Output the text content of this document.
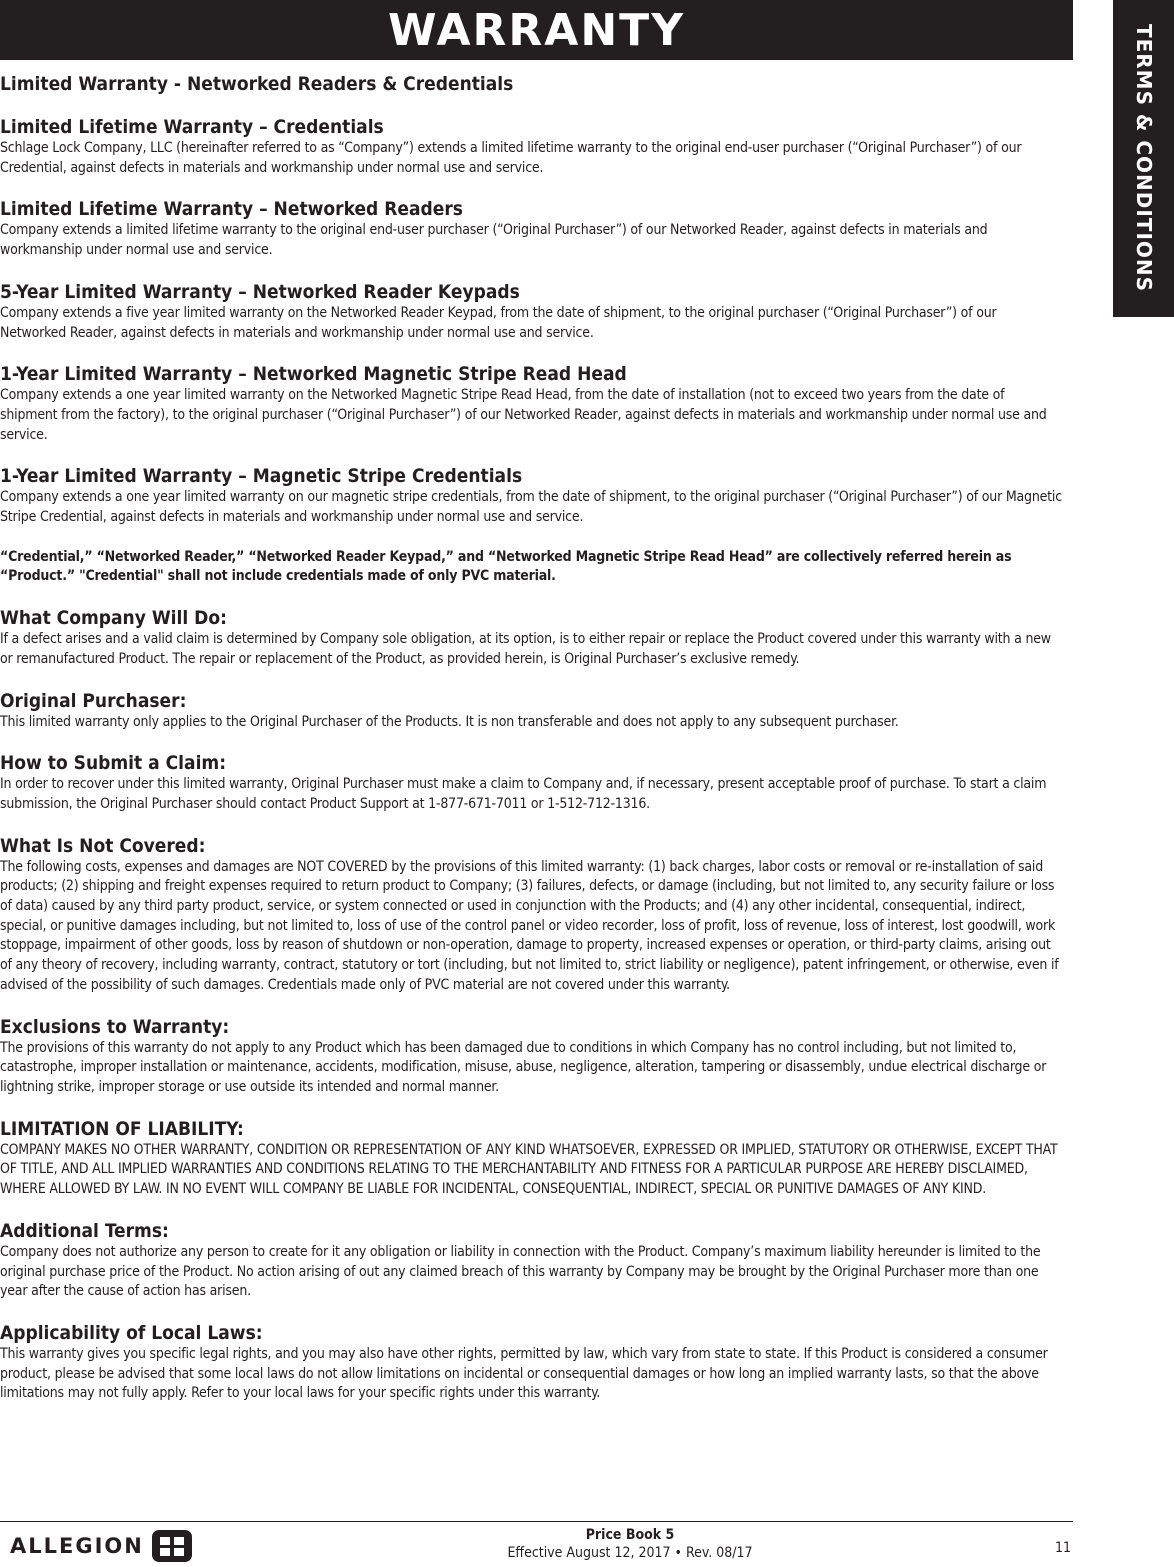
WARRANTY	TERMS & CONDITIONS
Limited Warranty - Networked Readers & Credentials
Limited Lifetime Warranty – Credentials
Schlage Lock Company, LLC (hereinafter referred to as “Company”) extends a limited lifetime warranty to the original end-user purchaser (“Original Purchaser”) of our Credential, against defects in materials and workmanship under normal use and service.
Limited Lifetime Warranty – Networked Readers
Company extends a limited lifetime warranty to the original end-user purchaser (“Original Purchaser”) of our Networked Reader, against defects in materials and workmanship under normal use and service.
5-Year Limited Warranty – Networked Reader Keypads
Company extends a five year limited warranty on the Networked Reader Keypad, from the date of shipment, to the original purchaser (“Original Purchaser”) of our Networked Reader, against defects in materials and workmanship under normal use and service.
1-Year Limited Warranty – Networked Magnetic Stripe Read Head
Company extends a one year limited warranty on the Networked Magnetic Stripe Read Head, from the date of installation (not to exceed two years from the date of shipment from the factory), to the original purchaser (“Original Purchaser”) of our Networked Reader, against defects in materials and workmanship under normal use and service.
1-Year Limited Warranty – Magnetic Stripe Credentials
Company extends a one year limited warranty on our magnetic stripe credentials, from the date of shipment, to the original purchaser (“Original Purchaser”) of our Magnetic Stripe Credential, against defects in materials and workmanship under normal use and service.
“Credential,” “Networked Reader,” “Networked Reader Keypad,” and “Networked Magnetic Stripe Read Head” are collectively referred herein as “Product.” "Credential" shall not include credentials made of only PVC material.
What Company Will Do:
If a defect arises and a valid claim is determined by Company sole obligation, at its option, is to either repair or replace the Product covered under this warranty with a new or remanufactured Product. The repair or replacement of the Product, as provided herein, is Original Purchaser’s exclusive remedy.
Original Purchaser:
This limited warranty only applies to the Original Purchaser of the Products. It is non transferable and does not apply to any subsequent purchaser.
How to Submit a Claim:
In order to recover under this limited warranty, Original Purchaser must make a claim to Company and, if necessary, present acceptable proof of purchase. To start a claim submission, the Original Purchaser should contact Product Support at 1-877-671-7011 or 1-512-712-1316.
What Is Not Covered:
The following costs, expenses and damages are NOT COVERED by the provisions of this limited warranty: (1) back charges, labor costs or removal or re-installation of said products; (2) shipping and freight expenses required to return product to Company; (3) failures, defects, or damage (including, but not limited to, any security failure or loss of data) caused by any third party product, service, or system connected or used in conjunction with the Products; and (4) any other incidental, consequential, indirect, special, or punitive damages including, but not limited to, loss of use of the control panel or video recorder, loss of profit, loss of revenue, loss of interest, lost goodwill, work stoppage, impairment of other goods, loss by reason of shutdown or non-operation, damage to property, increased expenses or operation, or third-party claims, arising out of any theory of recovery, including warranty, contract, statutory or tort (including, but not limited to, strict liability or negligence), patent infringement, or otherwise, even if advised of the possibility of such damages. Credentials made only of PVC material are not covered under this warranty.
Exclusions to Warranty:
The provisions of this warranty do not apply to any Product which has been damaged due to conditions in which Company has no control including, but not limited to, catastrophe, improper installation or maintenance, accidents, modification, misuse, abuse, negligence, alteration, tampering or disassembly, undue electrical discharge or lightning strike, improper storage or use outside its intended and normal manner.
LIMITATION OF LIABILITY:
COMPANY MAKES NO OTHER WARRANTY, CONDITION OR REPRESENTATION OF ANY KIND WHATSOEVER, EXPRESSED OR IMPLIED, STATUTORY OR OTHERWISE, EXCEPT THAT OF TITLE, AND ALL IMPLIED WARRANTIES AND CONDITIONS RELATING TO THE MERCHANTABILITY AND FITNESS FOR A PARTICULAR PURPOSE ARE HEREBY DISCLAIMED, WHERE ALLOWED BY LAW. IN NO EVENT WILL COMPANY BE LIABLE FOR INCIDENTAL, CONSEQUENTIAL, INDIRECT, SPECIAL OR PUNITIVE DAMAGES OF ANY KIND.
Additional Terms:
Company does not authorize any person to create for it any obligation or liability in connection with the Product. Company’s maximum liability hereunder is limited to the original purchase price of the Product. No action arising of out any claimed breach of this warranty by Company may be brought by the Original Purchaser more than one year after the cause of action has arisen.
Applicability of Local Laws:
This warranty gives you specific legal rights, and you may also have other rights, permitted by law, which vary from state to state. If this Product is considered a consumer product, please be advised that some local laws do not allow limitations on incidental or consequential damages or how long an implied warranty lasts, so that the above limitations may not fully apply. Refer to your local laws for your specific rights under this warranty.
ALLEGION	Price Book 5
Effective August 12, 2017 • Rev. 08/17	11
